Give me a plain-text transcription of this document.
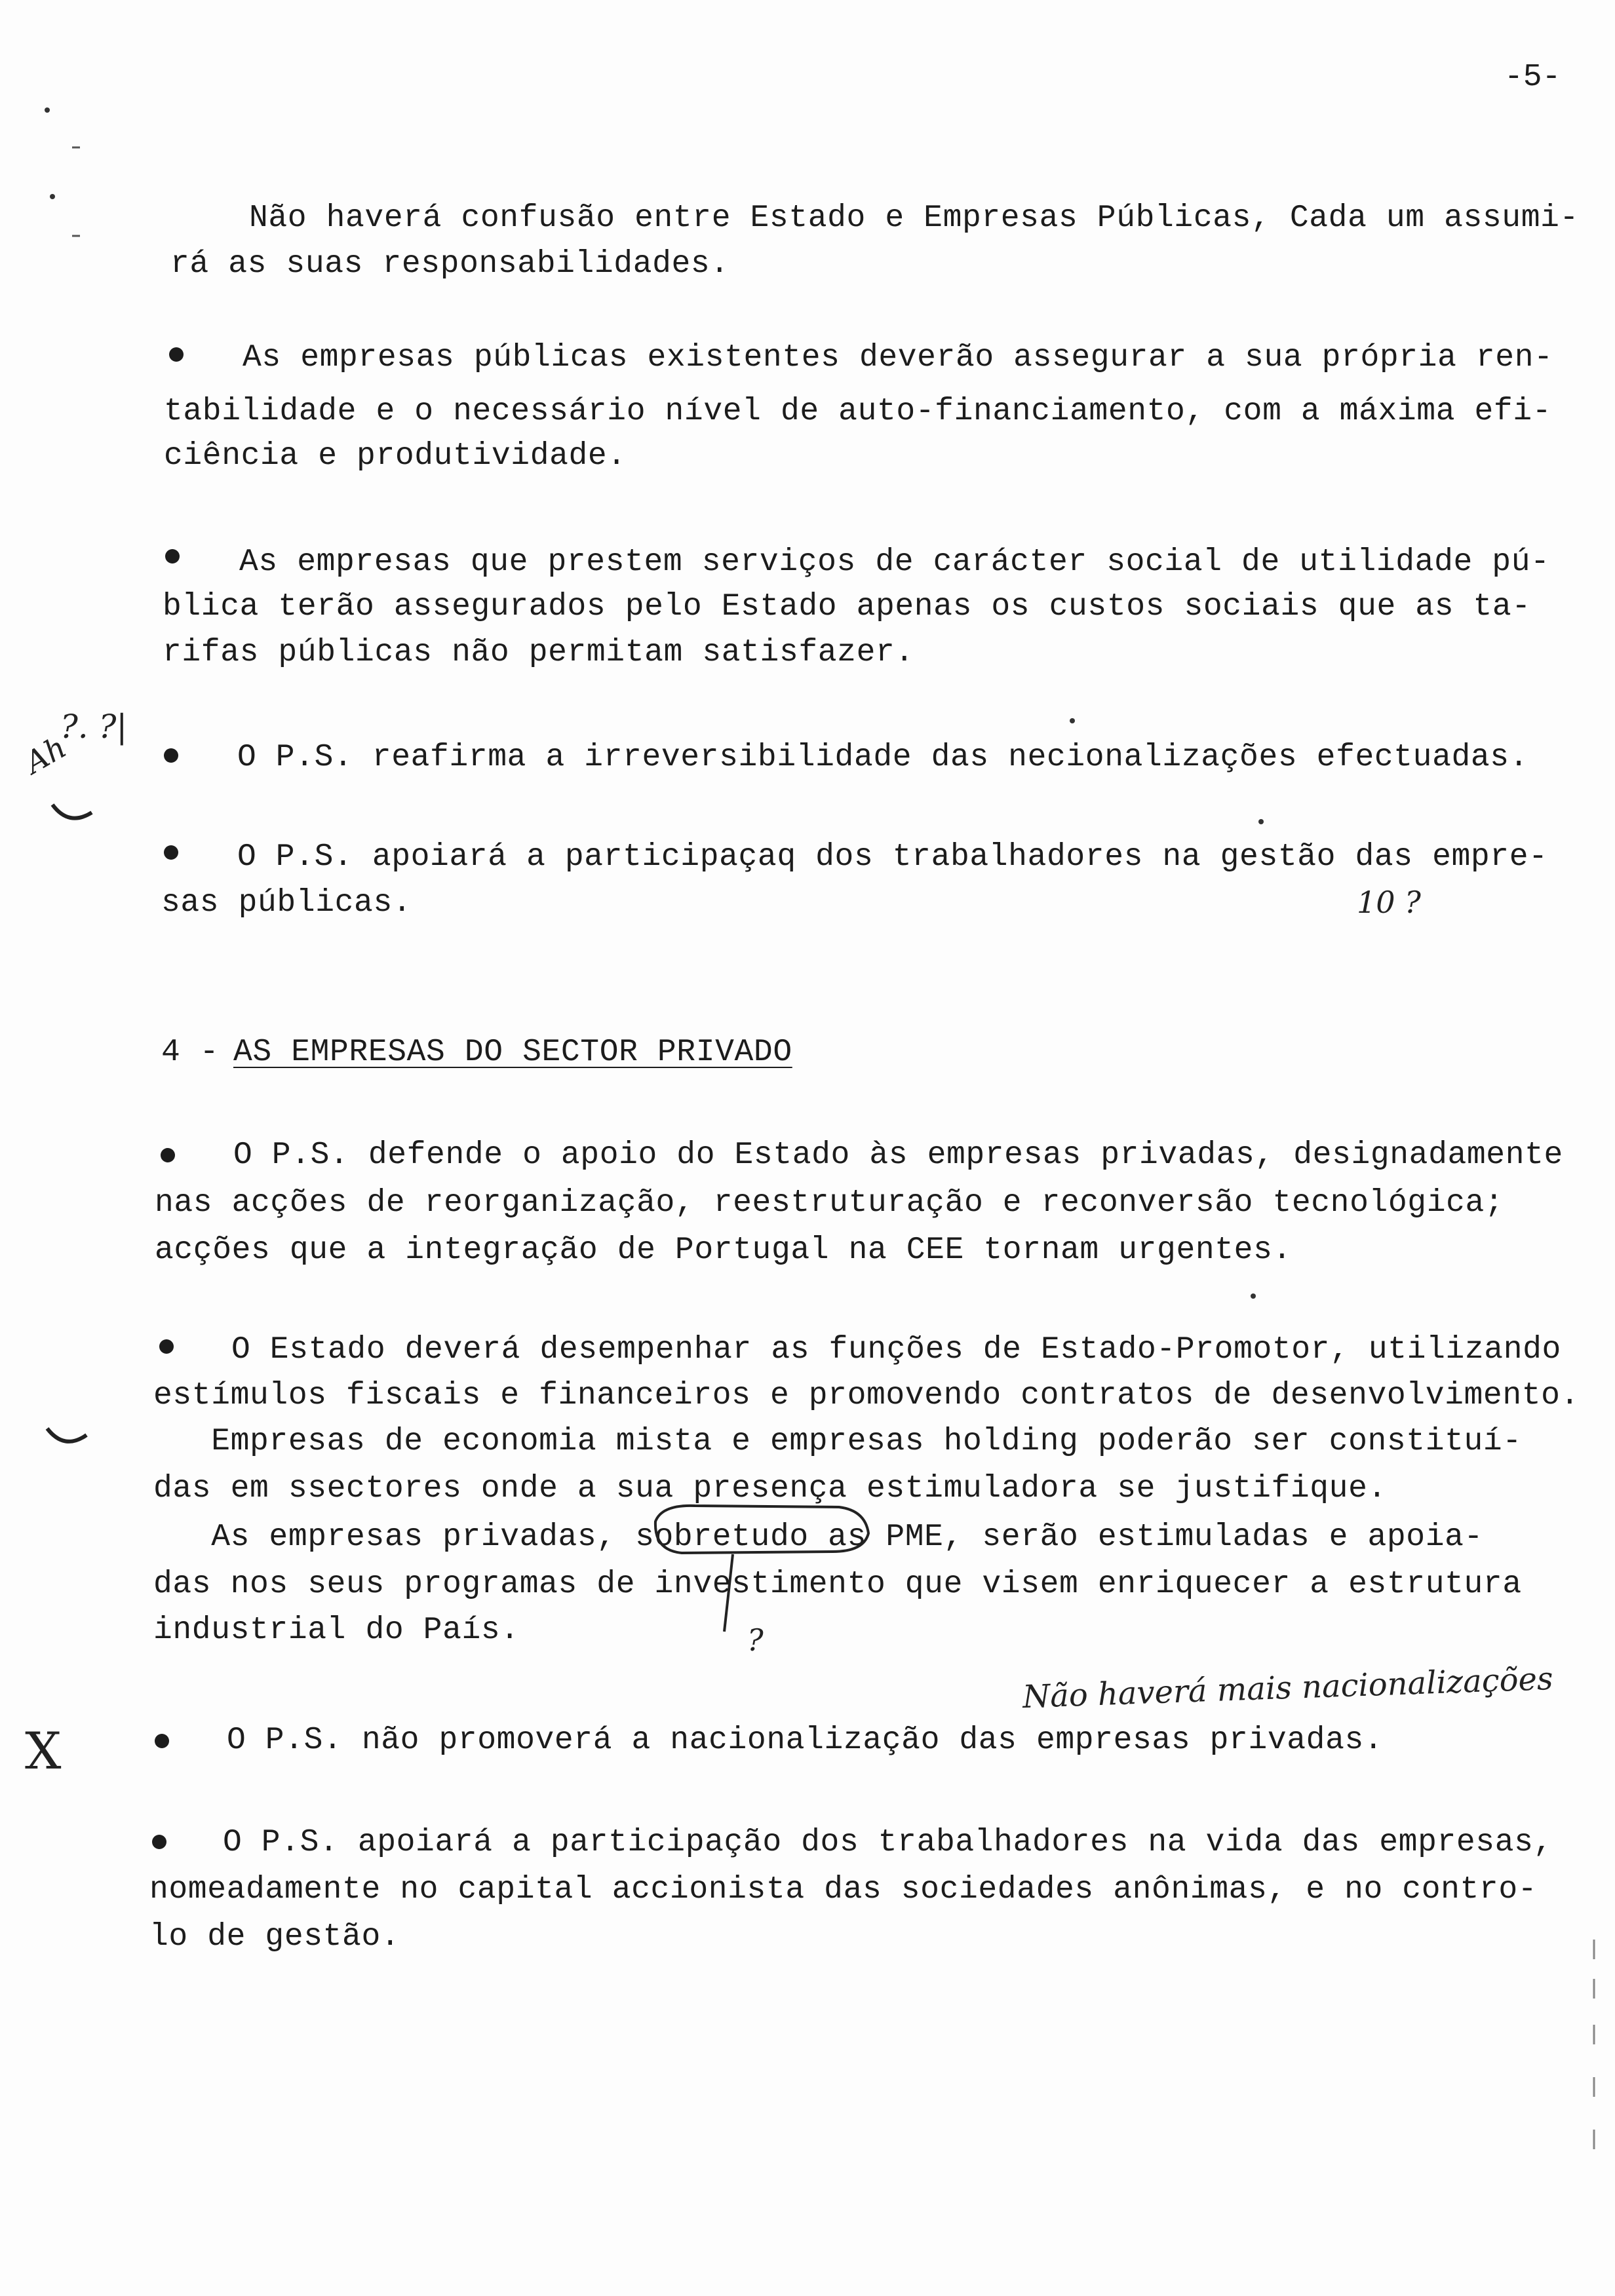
-5-
Não haverá confusão entre Estado e Empresas Públicas, Cada um assumi-
rá as suas responsabilidades.
As empresas públicas existentes deverão assegurar a sua própria ren-
tabilidade e o necessário nível de auto-financiamento, com a máxima efi-
ciência e produtividade.
As empresas que prestem serviços de carácter social de utilidade pú-
blica terão assegurados pelo Estado apenas os custos sociais que as ta-
rifas públicas não permitam satisfazer.
O P.S. reafirma a irreversibilidade das necionalizações efectuadas.
O P.S. apoiará a participaçaq dos trabalhadores na gestão das empre-
sas públicas.
4 - AS EMPRESAS DO SECTOR PRIVADO
O P.S. defende o apoio do Estado às empresas privadas, designadamente
nas acções de reorganização, reestruturação e reconversão tecnológica;
acções que a integração de Portugal na CEE tornam urgentes.
O Estado deverá desempenhar as funções de Estado-Promotor, utilizando
estímulos fiscais e financeiros e promovendo contratos de desenvolvimento.
Empresas de economia mista e empresas holding poderão ser constituí-
das em ssectores onde a sua presença estimuladora se justifique.
As empresas privadas, sobretudo as PME, serão estimuladas e apoia-
das nos seus programas de investimento que visem enriquecer a estrutura
industrial do País.
O P.S. não promoverá a nacionalização das empresas privadas.
O P.S. apoiará a participação dos trabalhadores na vida das empresas,
nomeadamente no capital accionista das sociedades anônimas, e no contro-
lo de gestão.
?. ?|
Ah
10 ?
?
Não haverá mais nacionalizações
X
